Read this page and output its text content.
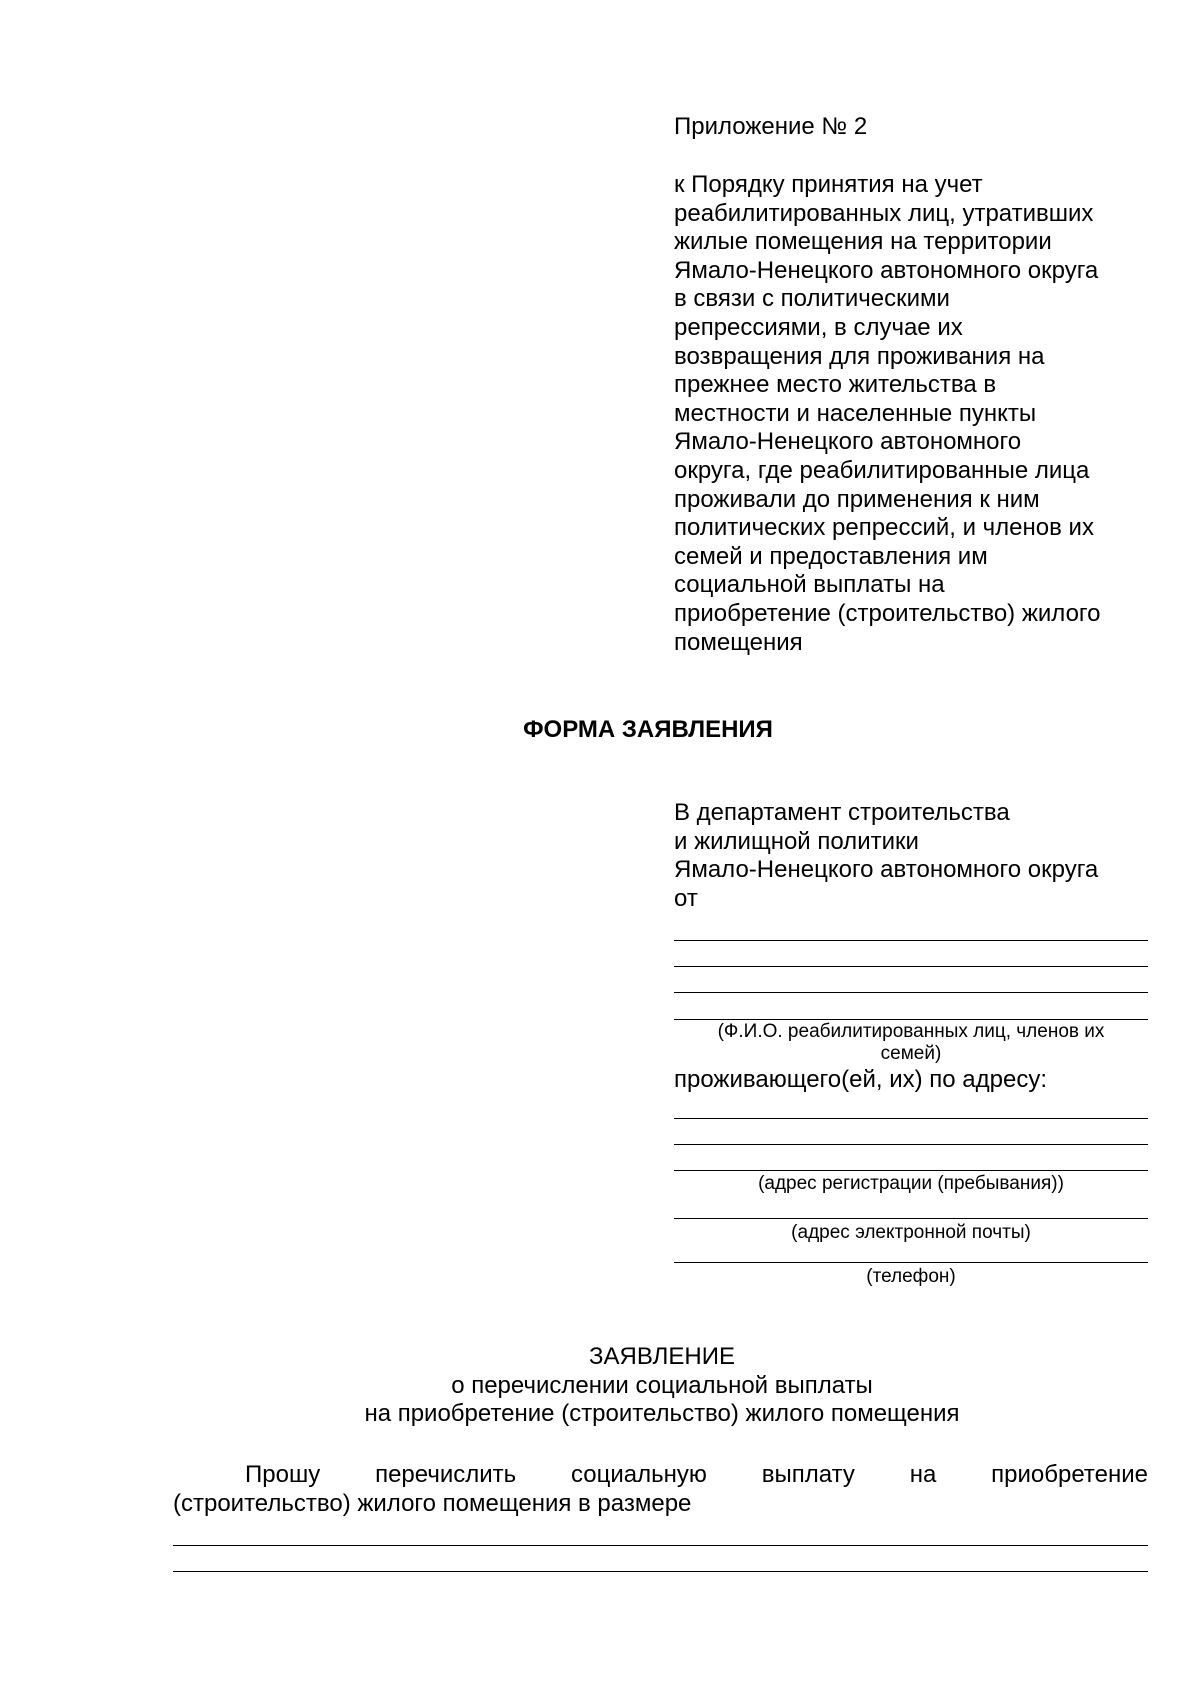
Приложение № 2
к Порядку принятия на учет
реабилитированных лиц, утративших
жилые помещения на территории
Ямало-Ненецкого автономного округа
в связи с политическими
репрессиями, в случае их
возвращения для проживания на
прежнее место жительства в
местности и населенные пункты
Ямало-Ненецкого автономного
округа, где реабилитированные лица
проживали до применения к ним
политических репрессий, и членов их
семей и предоставления им
социальной выплаты на
приобретение (строительство) жилого
помещения
ФОРМА ЗАЯВЛЕНИЯ
В департамент строительства
и жилищной политики
Ямало-Ненецкого автономного округа
от
(Ф.И.О. реабилитированных лиц, членов их
семей)
проживающего(ей, их) по адресу:
(адрес регистрации (пребывания))
(адрес электронной почты)
(телефон)
ЗАЯВЛЕНИЕ
о перечислении социальной выплаты
на приобретение (строительство) жилого помещения
Прошу перечислить социальную выплату на приобретение
(строительство) жилого помещения в размере
